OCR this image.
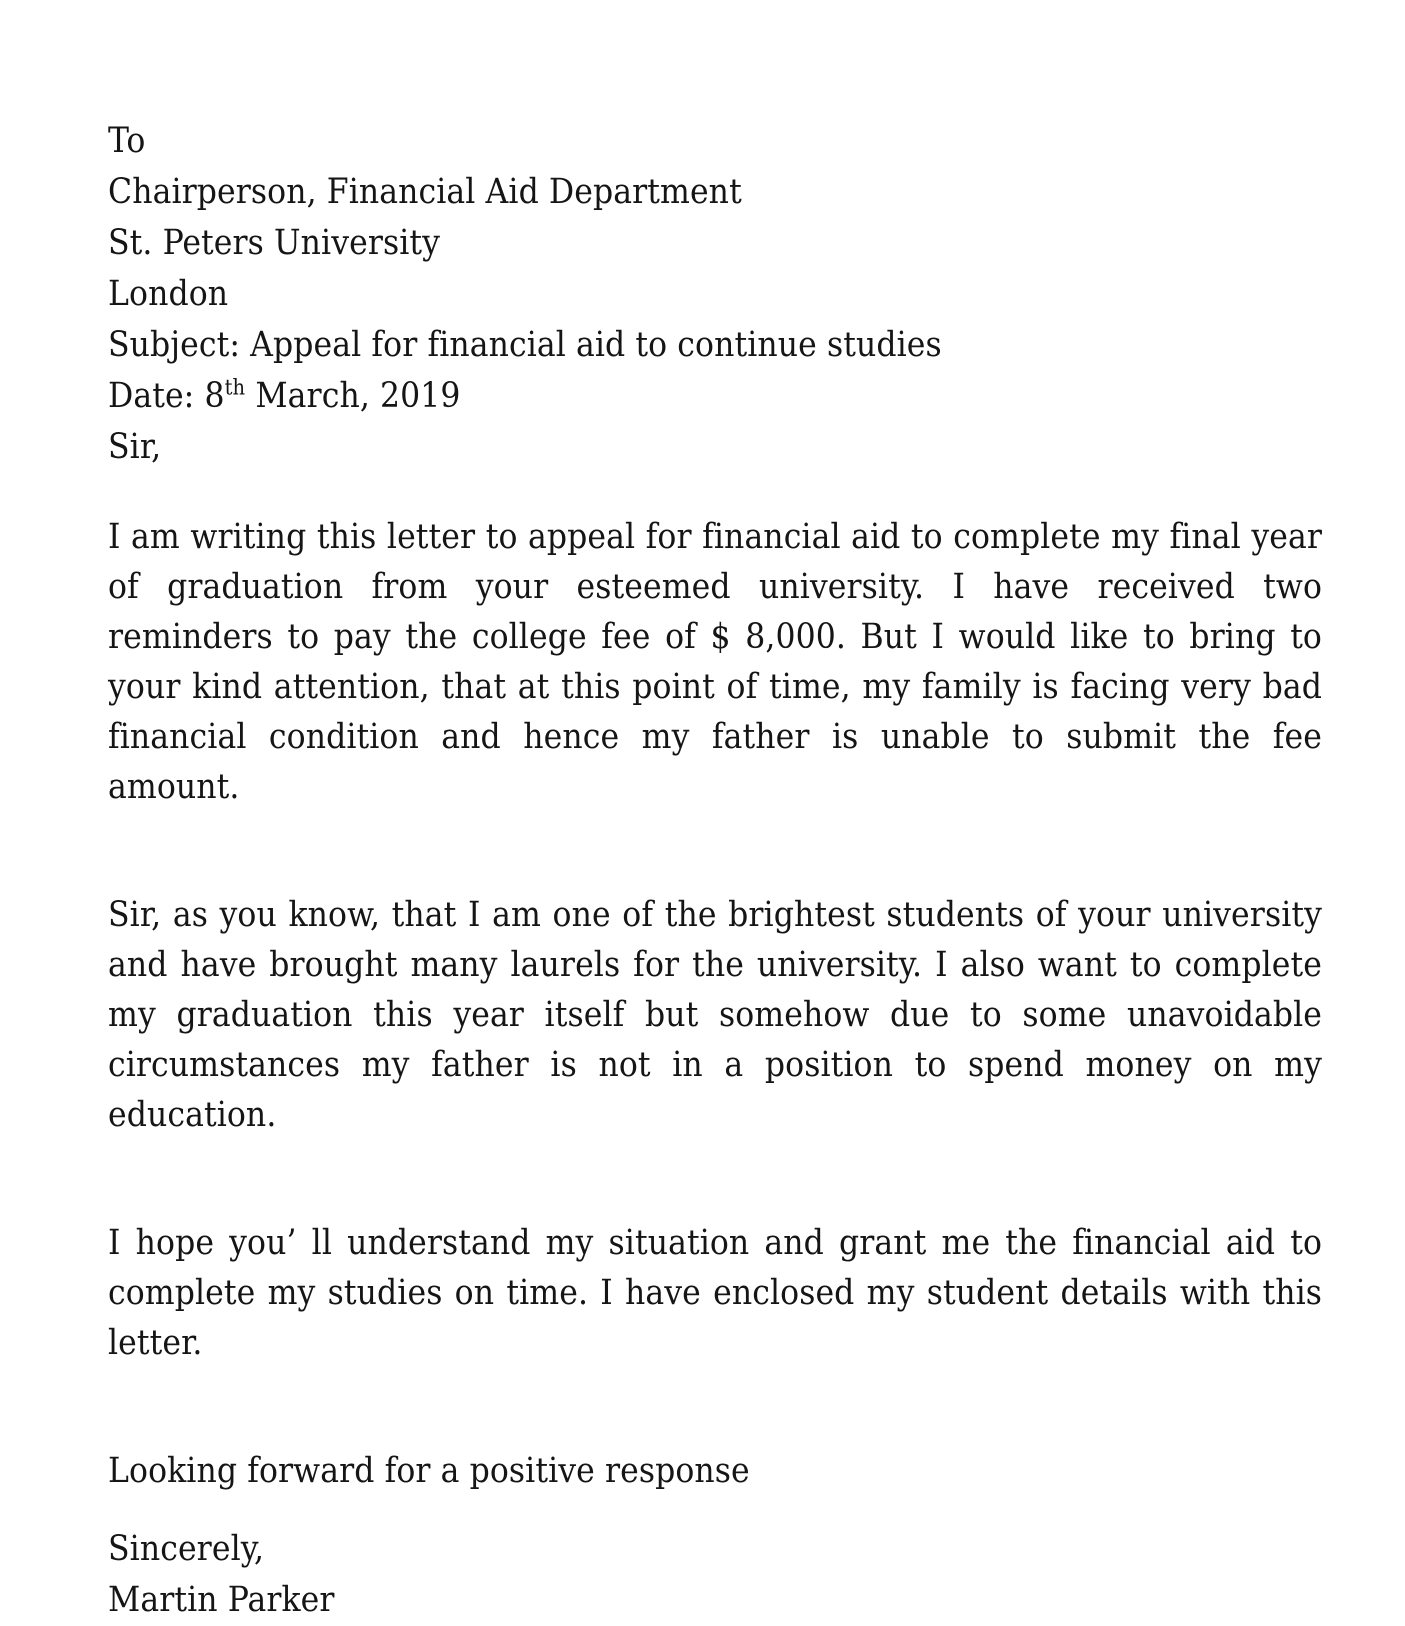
To
Chairperson, Financial Aid Department
St. Peters University
London
Subject: Appeal for financial aid to continue studies
Date: 8th March, 2019
Sir,

I am writing this letter to appeal for financial aid to complete my final year of graduation from your esteemed university. I have received two reminders to pay the college fee of $ 8,000. But I would like to bring to your kind attention, that at this point of time, my family is facing very bad financial condition and hence my father is unable to submit the fee amount.

Sir, as you know, that I am one of the brightest students of your university and have brought many laurels for the university. I also want to complete my graduation this year itself but somehow due to some unavoidable circumstances my father is not in a position to spend money on my education.

I hope you’ ll understand my situation and grant me the financial aid to complete my studies on time. I have enclosed my student details with this letter.

Looking forward for a positive response

Sincerely,
Martin Parker
